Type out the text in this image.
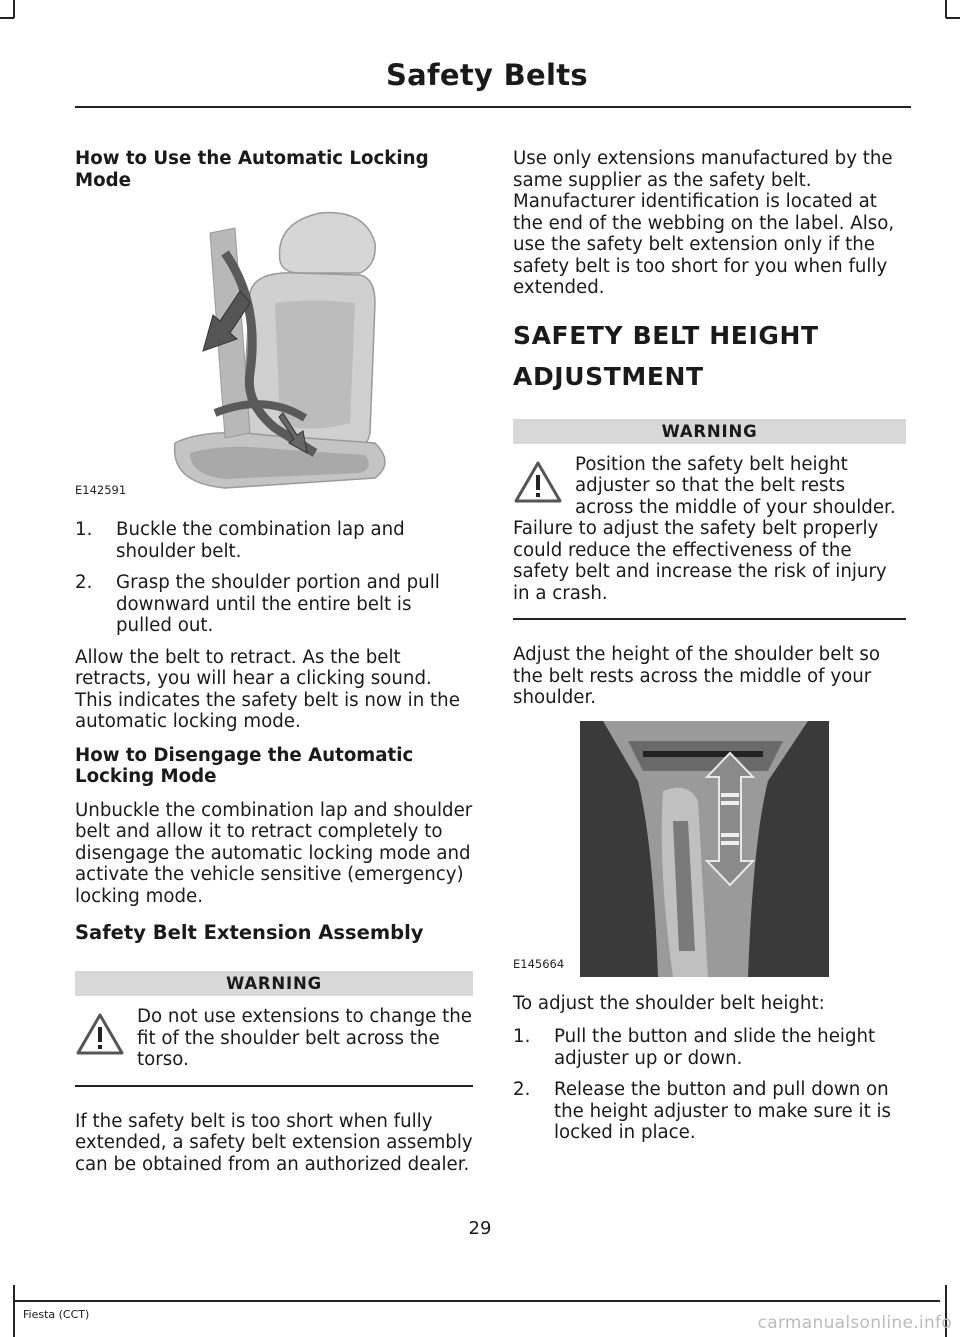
Safety Belts
How to Use the Automatic Locking Mode
E142591
1. Buckle the combination lap and shoulder belt.
2. Grasp the shoulder portion and pull downward until the entire belt is pulled out.

Allow the belt to retract. As the belt retracts, you will hear a clicking sound. This indicates the safety belt is now in the automatic locking mode.

How to Disengage the Automatic Locking Mode

Unbuckle the combination lap and shoulder belt and allow it to retract completely to disengage the automatic locking mode and activate the vehicle sensitive (emergency) locking mode.

Safety Belt Extension Assembly
WARNING
Do not use extensions to change the fit of the shoulder belt across the torso.

If the safety belt is too short when fully extended, a safety belt extension assembly can be obtained from an authorized dealer.

Use only extensions manufactured by the same supplier as the safety belt. Manufacturer identification is located at the end of the webbing on the label. Also, use the safety belt extension only if the safety belt is too short for you when fully extended.

SAFETY BELT HEIGHT
ADJUSTMENT
WARNING
Position the safety belt height adjuster so that the belt rests across the middle of your shoulder. Failure to adjust the safety belt properly could reduce the effectiveness of the safety belt and increase the risk of injury in a crash.

Adjust the height of the shoulder belt so the belt rests across the middle of your shoulder.

E145664

To adjust the shoulder belt height:

1. Pull the button and slide the height adjuster up or down.
2. Release the button and pull down on the height adjuster to make sure it is locked in place.
29
Fiesta (CCT)	carmanualsonline.info
